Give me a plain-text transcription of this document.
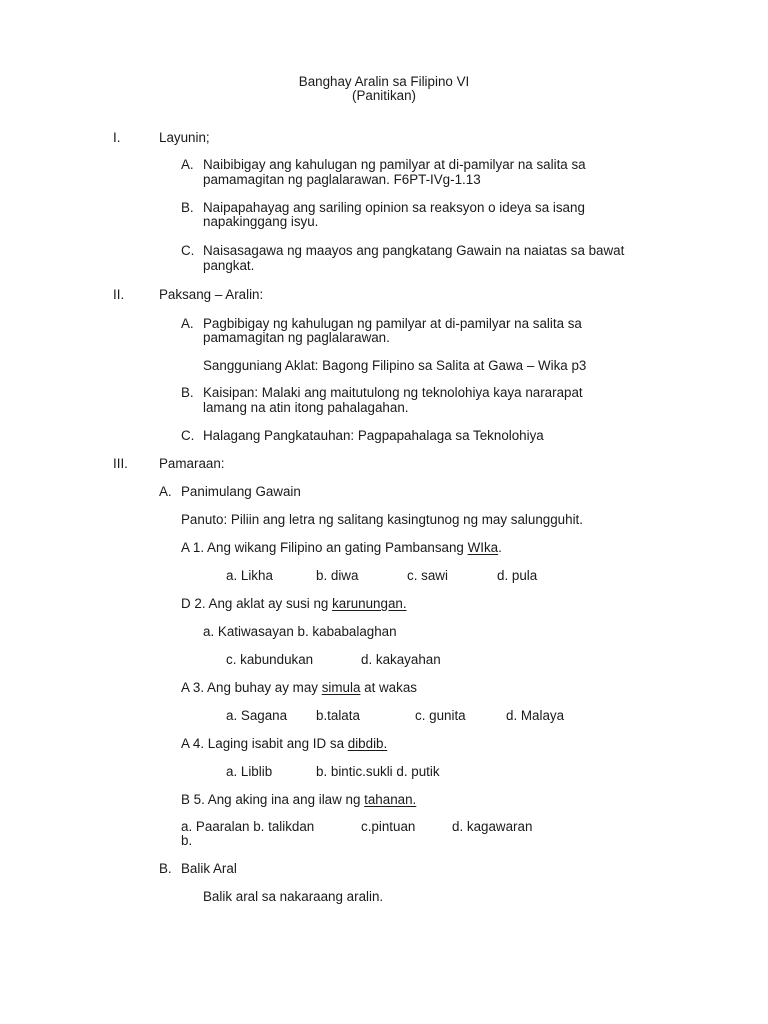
Banghay Aralin sa Filipino VI
(Panitikan)
I.	Layunin;
A. Naibibigay ang kahulugan ng pamilyar at di-pamilyar na salita sa
pamamagitan ng paglalarawan. F6PT-IVg-1.13
B. Naipapahayag ang sariling opinion sa reaksyon o ideya sa isang
napakinggang isyu.
C. Naisasagawa ng maayos ang pangkatang Gawain na naiatas sa bawat
pangkat.
II.	Paksang – Aralin:
A. Pagbibigay ng kahulugan ng pamilyar at di-pamilyar na salita sa
pamamagitan ng paglalarawan.
Sangguniang Aklat: Bagong Filipino sa Salita at Gawa – Wika p3
B. Kaisipan: Malaki ang maitutulong ng teknolohiya kaya nararapat
lamang na atin itong pahalagahan.
C. Halagang Pangkatauhan: Pagpapahalaga sa Teknolohiya
III. Pamaraan:
A. Panimulang Gawain
Panuto: Piliin ang letra ng salitang kasingtunog ng may salungguhit.
A 1. Ang wikang Filipino an gating Pambansang WIka.
a. Likha	b. diwa	c. sawi	d. pula
D 2. Ang aklat ay susi ng karunungan.
a. Katiwasayan b. kababalaghan
c. kabundukan	d. kakayahan
A 3. Ang buhay ay may simula at wakas
a. Sagana b.talata	c. gunita	d. Malaya
A 4. Laging isabit ang ID sa dibdib.
a. Liblib	b. bintic.sukli d. putik
B 5. Ang aking ina ang ilaw ng tahanan.
a. Paaralan b. talikdan	c.pintuan	d. kagawaran
b.
B. Balik Aral
Balik aral sa nakaraang aralin.
